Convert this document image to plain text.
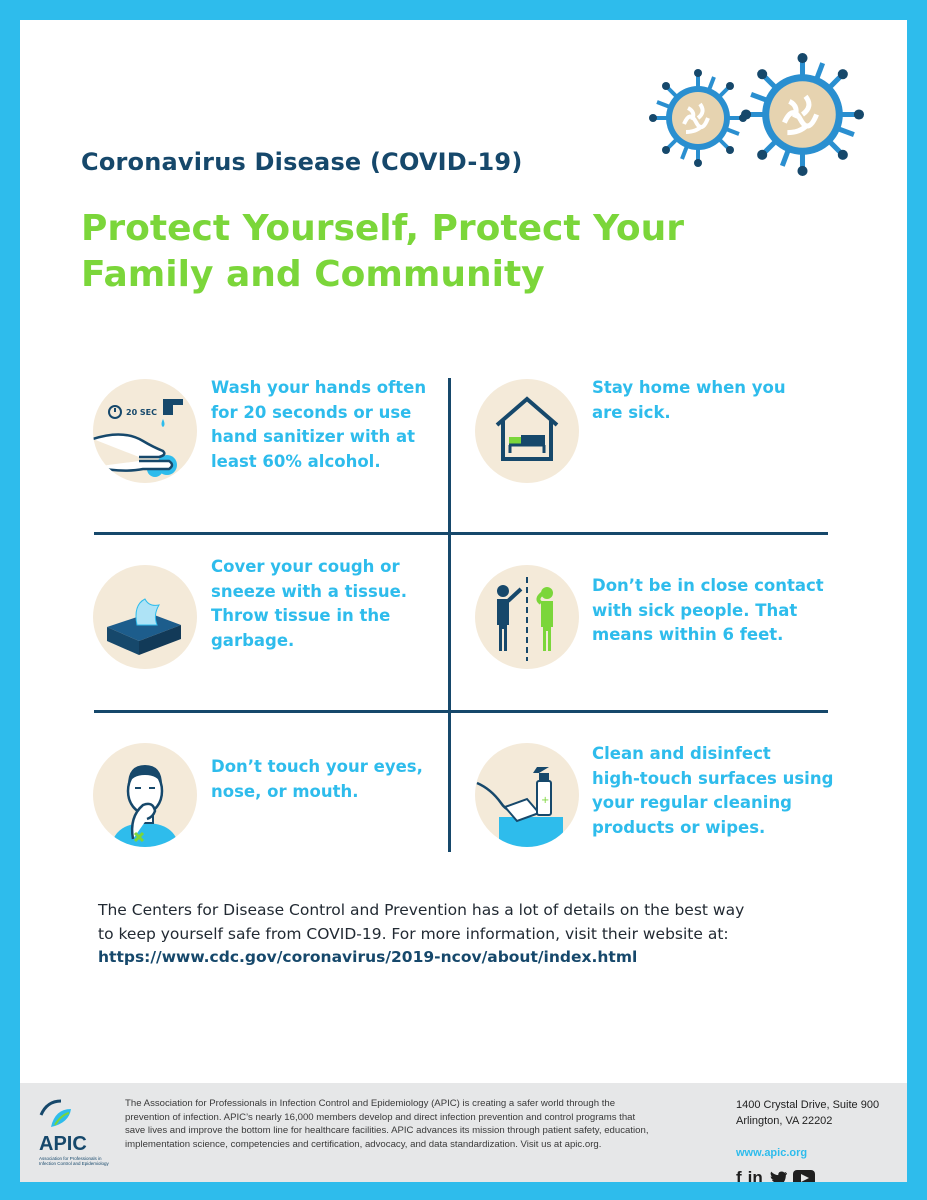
Coronavirus Disease (COVID-19)
Protect Yourself, Protect Your
Family and Community
20 SEC

Wash your hands often
for 20 seconds or use
hand sanitizer with at
least 60% alcohol.

Stay home when you
are sick.

Cover your cough or
sneeze with a tissue.
Throw tissue in the
garbage.

Don’t be in close contact
with sick people. That
means within 6 feet.

Don’t touch your eyes,
nose, or mouth.	+

Clean and disinfect
high-touch surfaces using
your regular cleaning
products or wipes.

The Centers for Disease Control and Prevention has a lot of details on the best way
to keep yourself safe from COVID-19. For more information, visit their website at:

https://www.cdc.gov/coronavirus/2019-ncov/about/index.html

APIC

Association for Professionals in Infection Control and Epidemiology

The Association for Professionals in Infection Control and Epidemiology (APIC) is creating a safer world through the
prevention of infection. APIC’s nearly 16,000 members develop and direct infection prevention and control programs that
save lives and improve the bottom line for healthcare facilities. APIC advances its mission through patient safety, education,
implementation science, competencies and certification, advocacy, and data standardization. Visit us at apic.org.

1400 Crystal Drive, Suite 900
Arlington, VA 22202

www.apic.org
f in
